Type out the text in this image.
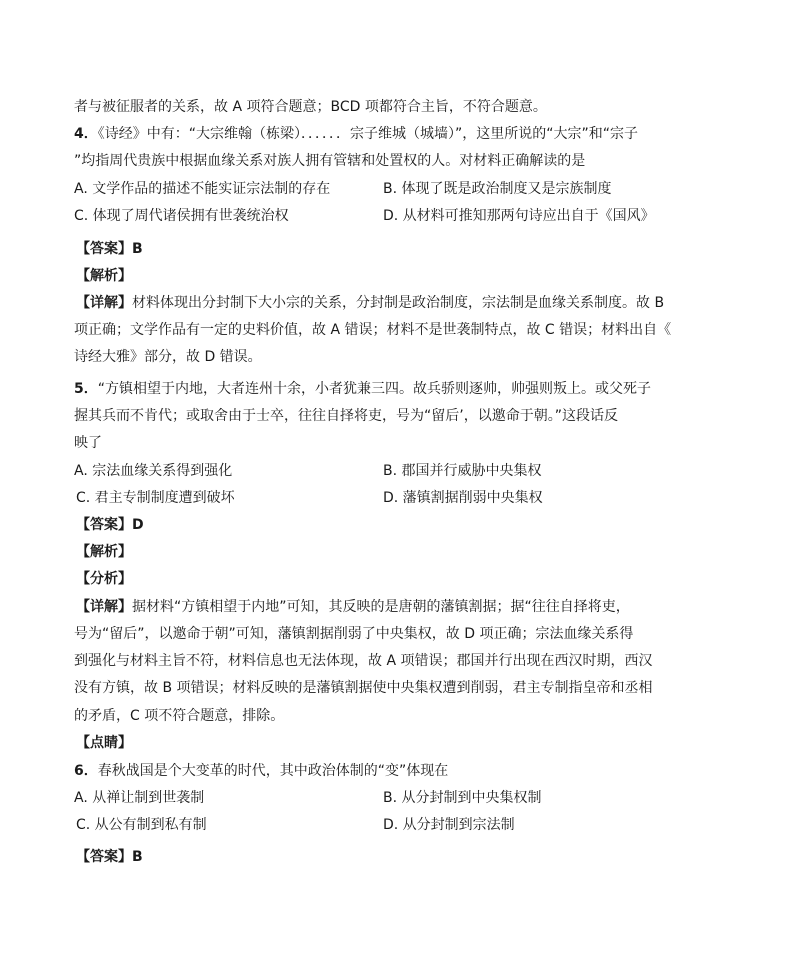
者与被征服者的关系，故 A 项符合题意；BCD 项都符合主旨，不符合题意。
4．《诗经》中有：“大宗维翰（栋梁）．．．．．．宗子维城（城墙）”，这里所说的“大宗”和“宗子
”均指周代贵族中根据血缘关系对族人拥有管辖和处置权的人。对材料正确解读的是
A. 文学作品的描述不能实证宗法制的存在	B. 体现了既是政治制度又是宗族制度
C. 体现了周代诸侯拥有世袭统治权	D. 从材料可推知那两句诗应出自于《国风》
【答案】B
【解析】
【详解】材料体现出分封制下大小宗的关系，分封制是政治制度，宗法制是血缘关系制度。故 B
项正确；文学作品有一定的史料价值，故 A 错误；材料不是世袭制特点，故 C 错误；材料出自《
诗经大雅》部分，故 D 错误。
5．“方镇相望于内地，大者连州十余，小者犹兼三四。故兵骄则逐帅，帅强则叛上。或父死子
握其兵而不肯代；或取舍由于士卒，往往自择将吏，号为“留后’，以邀命于朝。”这段话反
映了
A. 宗法血缘关系得到强化	B. 郡国并行威胁中央集权
C. 君主专制制度遭到破坏	D. 藩镇割据削弱中央集权
【答案】D
【解析】
【分析】
【详解】据材料“方镇相望于内地”可知，其反映的是唐朝的藩镇割据；据“往往自择将吏，
号为“留后”，以邀命于朝”可知，藩镇割据削弱了中央集权，故 D 项正确；宗法血缘关系得
到强化与材料主旨不符，材料信息也无法体现，故 A 项错误；郡国并行出现在西汉时期，西汉
没有方镇，故 B 项错误；材料反映的是藩镇割据使中央集权遭到削弱，君主专制指皇帝和丞相
的矛盾，C 项不符合题意，排除。
【点睛】
6．春秋战国是个大变革的时代，其中政治体制的“变”体现在
A. 从禅让制到世袭制	B. 从分封制到中央集权制
C. 从公有制到私有制	D. 从分封制到宗法制
【答案】B
